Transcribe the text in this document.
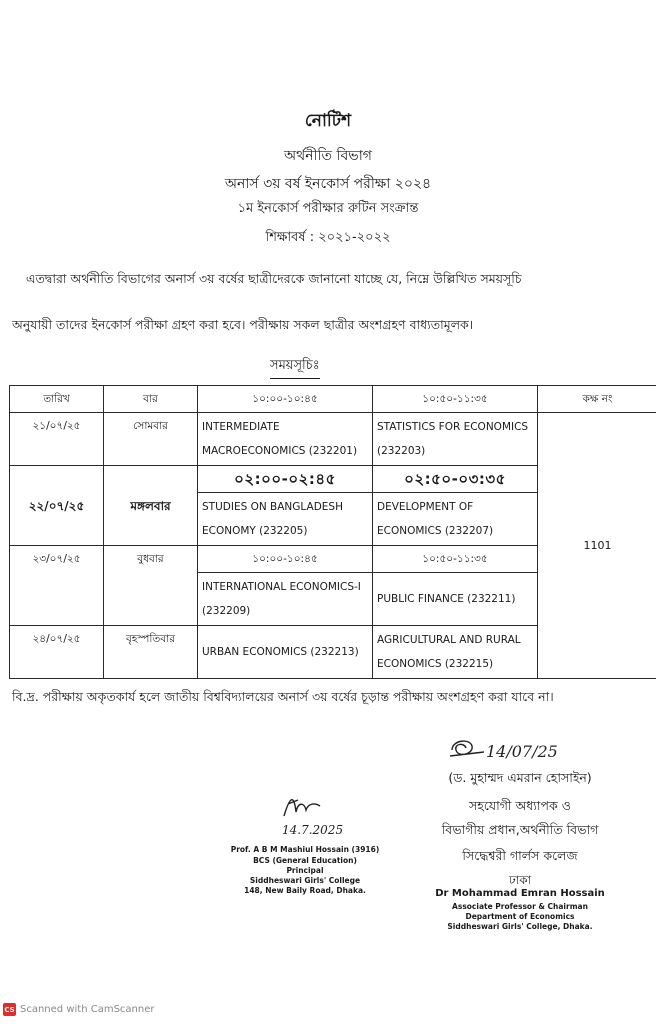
নোটিশ
অর্থনীতি বিভাগ
অনার্স ৩য় বর্ষ ইনকোর্স পরীক্ষা ২০২৪
১ম ইনকোর্স পরীক্ষার রুটিন সংক্রান্ত
শিক্ষাবর্ষ : ২০২১-২০২২
এতদ্বারা অর্থনীতি বিভাগের অনার্স ৩য় বর্ষের ছাত্রীদেরকে জানানো যাচ্ছে যে, নিম্নে উল্লিখিত সময়সূচি
অনুযায়ী তাদের ইনকোর্স পরীক্ষা গ্রহণ করা হবে। পরীক্ষায় সকল ছাত্রীর অংশগ্রহণ বাধ্যতামূলক।
সময়সূচিঃ
তারিখ	বার	১০:০০-১০:৪৫	১০:৫০-১১:৩৫	কক্ষ নং
২১/০৭/২৫	সোমবার	INTERMEDIATE
MACROECONOMICS (232201)	STATISTICS FOR ECONOMICS
(232203)	1101
২২/০৭/২৫	মঙ্গলবার	০২:০০-০২:৪৫	০২:৫০-০৩:৩৫	

		STUDIES ON BANGLADESH
ECONOMY (232205)	DEVELOPMENT OF
ECONOMICS (232207)	

২৩/০৭/২৫	বুধবার	১০:০০-১০:৪৫	১০:৫০-১১:৩৫	

		INTERNATIONAL ECONOMICS-I
(232209)	PUBLIC FINANCE (232211)	
২৪/০৭/২৫	বৃহস্পতিবার	URBAN ECONOMICS (232213)	AGRICULTURAL AND RURAL
ECONOMICS (232215)	
বি.দ্র. পরীক্ষায় অকৃতকার্য হলে জাতীয় বিশ্ববিদ্যালয়ের অনার্স ৩য় বর্ষের চূড়ান্ত পরীক্ষায় অংশগ্রহণ করা যাবে না।
14/07/25
(ড. মুহাম্মদ এমরান হোসাইন)
সহযোগী অধ্যাপক ও
বিভাগীয় প্রধান,অর্থনীতি বিভাগ
সিদ্ধেশ্বরী গার্লস কলেজ
ঢাকা
Dr Mohammad Emran Hossain
Associate Professor & Chairman
Department of Economics
Siddheswari Girls' College, Dhaka.
14.7.2025
Prof. A B M Mashiul Hossain (3916)
BCS (General Education)
Principal
Siddheswari Girls' College
148, New Baily Road, Dhaka.
CS Scanned with CamScanner
